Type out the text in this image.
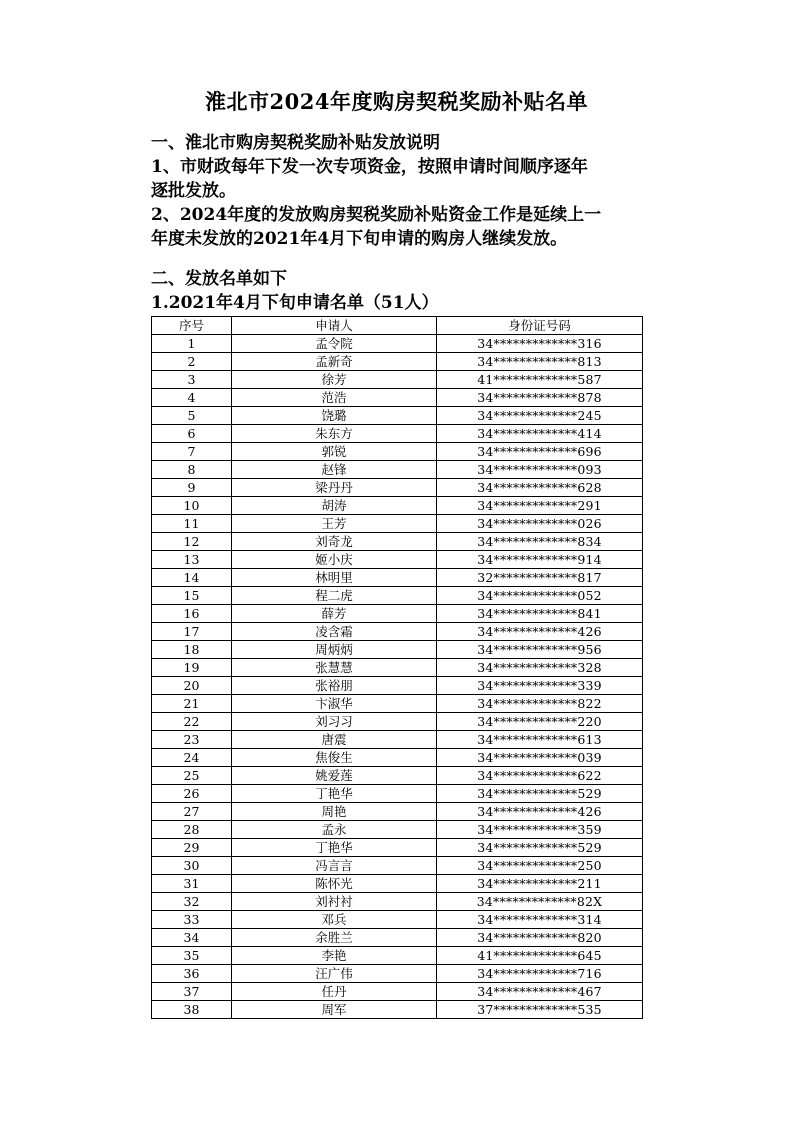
淮北市2024年度购房契税奖励补贴名单
一、淮北市购房契税奖励补贴发放说明
1、市财政每年下发一次专项资金，按照申请时间顺序逐年
逐批发放。
2、2024年度的发放购房契税奖励补贴资金工作是延续上一
年度未发放的2021年4月下旬申请的购房人继续发放。
二、发放名单如下
1.2021年4月下旬申请名单（51人）
序号	申请人	身份证号码
1	孟令院	34*************316
2	孟新奇	34*************813
3	徐芳	41*************587
4	范浩	34*************878
5	饶璐	34*************245
6	朱东方	34*************414
7	郭锐	34*************696
8	赵锋	34*************093
9	梁丹丹	34*************628
10	胡涛	34*************291
11	王芳	34*************026
12	刘奇龙	34*************834
13	姬小庆	34*************914
14	林明里	32*************817
15	程二虎	34*************052
16	薛芳	34*************841
17	凌含霜	34*************426
18	周炳炳	34*************956
19	张慧慧	34*************328
20	张裕朋	34*************339
21	卞淑华	34*************822
22	刘习习	34*************220
23	唐震	34*************613
24	焦俊生	34*************039
25	姚爱莲	34*************622
26	丁艳华	34*************529
27	周艳	34*************426
28	孟永	34*************359
29	丁艳华	34*************529
30	冯言言	34*************250
31	陈怀光	34*************211
32	刘衬衬	34*************82X
33	邓兵	34*************314
34	余胜兰	34*************820
35	李艳	41*************645
36	汪广伟	34*************716
37	任丹	34*************467
38	周军	37*************535
